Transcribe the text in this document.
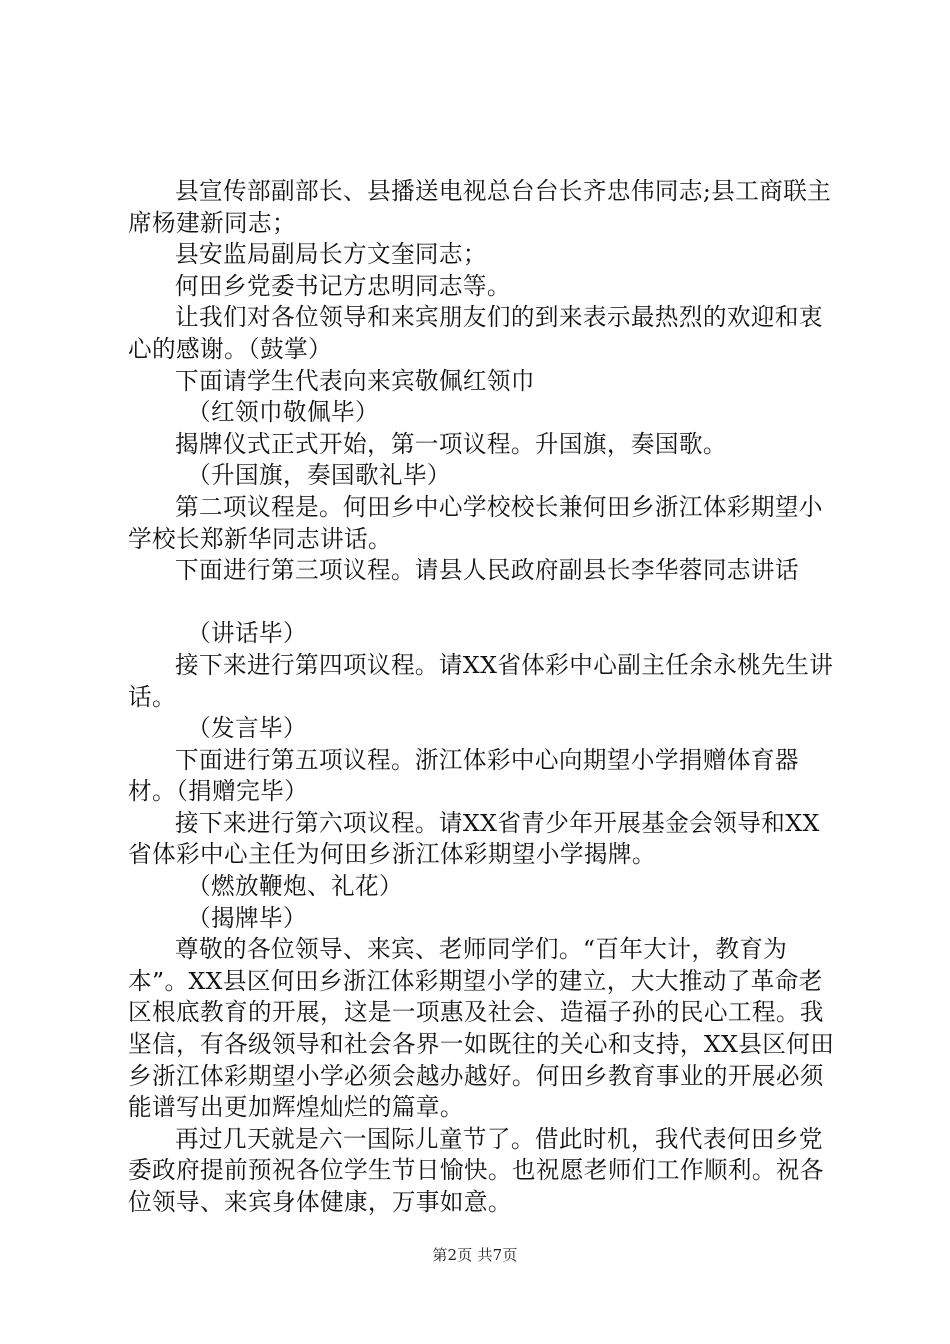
县宣传部副部长、县播送电视总台台长齐忠伟同志;县工商联主席杨建新同志；

县安监局副局长方文奎同志；

何田乡党委书记方忠明同志等。

让我们对各位领导和来宾朋友们的到来表示最热烈的欢迎和衷心的感谢。（鼓掌）

下面请学生代表向来宾敬佩红领巾

（红领巾敬佩毕）

揭牌仪式正式开始，第一项议程。升国旗，奏国歌。

（升国旗，奏国歌礼毕）

第二项议程是。何田乡中心学校校长兼何田乡浙江体彩期望小学校长郑新华同志讲话。

下面进行第三项议程。请县人民政府副县长李华蓉同志讲话

（讲话毕）

接下来进行第四项议程。请XX省体彩中心副主任余永桃先生讲话。

（发言毕）

下面进行第五项议程。浙江体彩中心向期望小学捐赠体育器材。（捐赠完毕）

接下来进行第六项议程。请XX省青少年开展基金会领导和XX省体彩中心主任为何田乡浙江体彩期望小学揭牌。

（燃放鞭炮、礼花）

（揭牌毕）

尊敬的各位领导、来宾、老师同学们。“百年大计，教育为本”。XX县区何田乡浙江体彩期望小学的建立，大大推动了革命老区根底教育的开展，这是一项惠及社会、造福子孙的民心工程。我坚信，有各级领导和社会各界一如既往的关心和支持，XX县区何田乡浙江体彩期望小学必须会越办越好。何田乡教育事业的开展必须能谱写出更加辉煌灿烂的篇章。

再过几天就是六一国际儿童节了。借此时机，我代表何田乡党委政府提前预祝各位学生节日愉快。也祝愿老师们工作顺利。祝各位领导、来宾身体健康，万事如意。

第2页 共7页
